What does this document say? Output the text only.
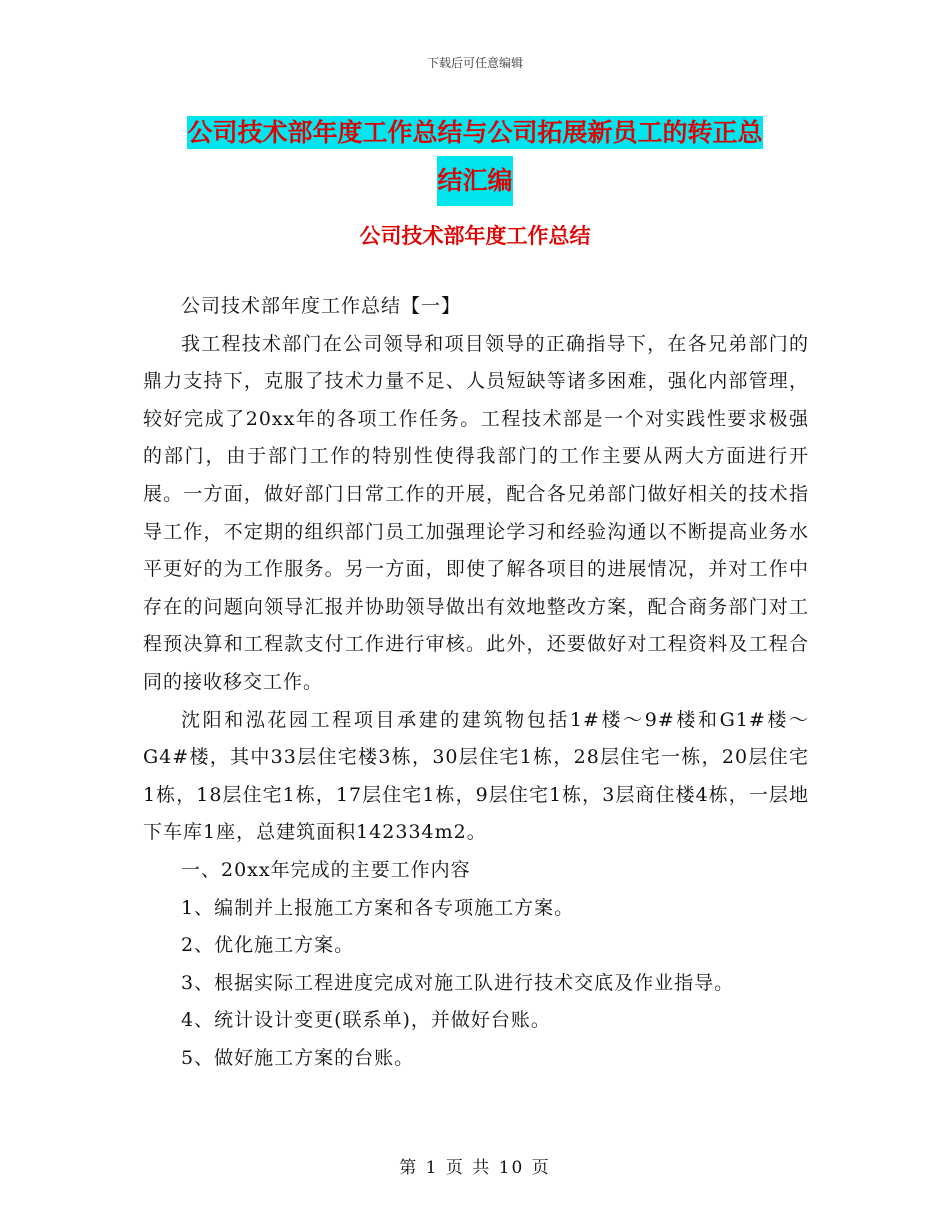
下载后可任意编辑
公司技术部年度工作总结与公司拓展新员工的转正总
结汇编
公司技术部年度工作总结

公司技术部年度工作总结【一】

我工程技术部门在公司领导和项目领导的正确指导下，在各兄弟部门的鼎力支持下，克服了技术力量不足、人员短缺等诸多困难，强化内部管理，较好完成了20xx年的各项工作任务。工程技术部是一个对实践性要求极强的部门，由于部门工作的特别性使得我部门的工作主要从两大方面进行开展。一方面，做好部门日常工作的开展，配合各兄弟部门做好相关的技术指导工作，不定期的组织部门员工加强理论学习和经验沟通以不断提高业务水平更好的为工作服务。另一方面，即使了解各项目的进展情况，并对工作中存在的问题向领导汇报并协助领导做出有效地整改方案，配合商务部门对工程预决算和工程款支付工作进行审核。此外，还要做好对工程资料及工程合同的接收移交工作。

沈阳和泓花园工程项目承建的建筑物包括1#楼～9#楼和G1#楼～G4#楼，其中33层住宅楼3栋，30层住宅1栋，28层住宅一栋，20层住宅1栋，18层住宅1栋，17层住宅1栋，9层住宅1栋，3层商住楼4栋，一层地下车库1座，总建筑面积142334m2。

一、20xx年完成的主要工作内容

1、编制并上报施工方案和各专项施工方案。

2、优化施工方案。

3、根据实际工程进度完成对施工队进行技术交底及作业指导。

4、统计设计变更(联系单)，并做好台账。

5、做好施工方案的台账。

第 1 页 共 10 页
